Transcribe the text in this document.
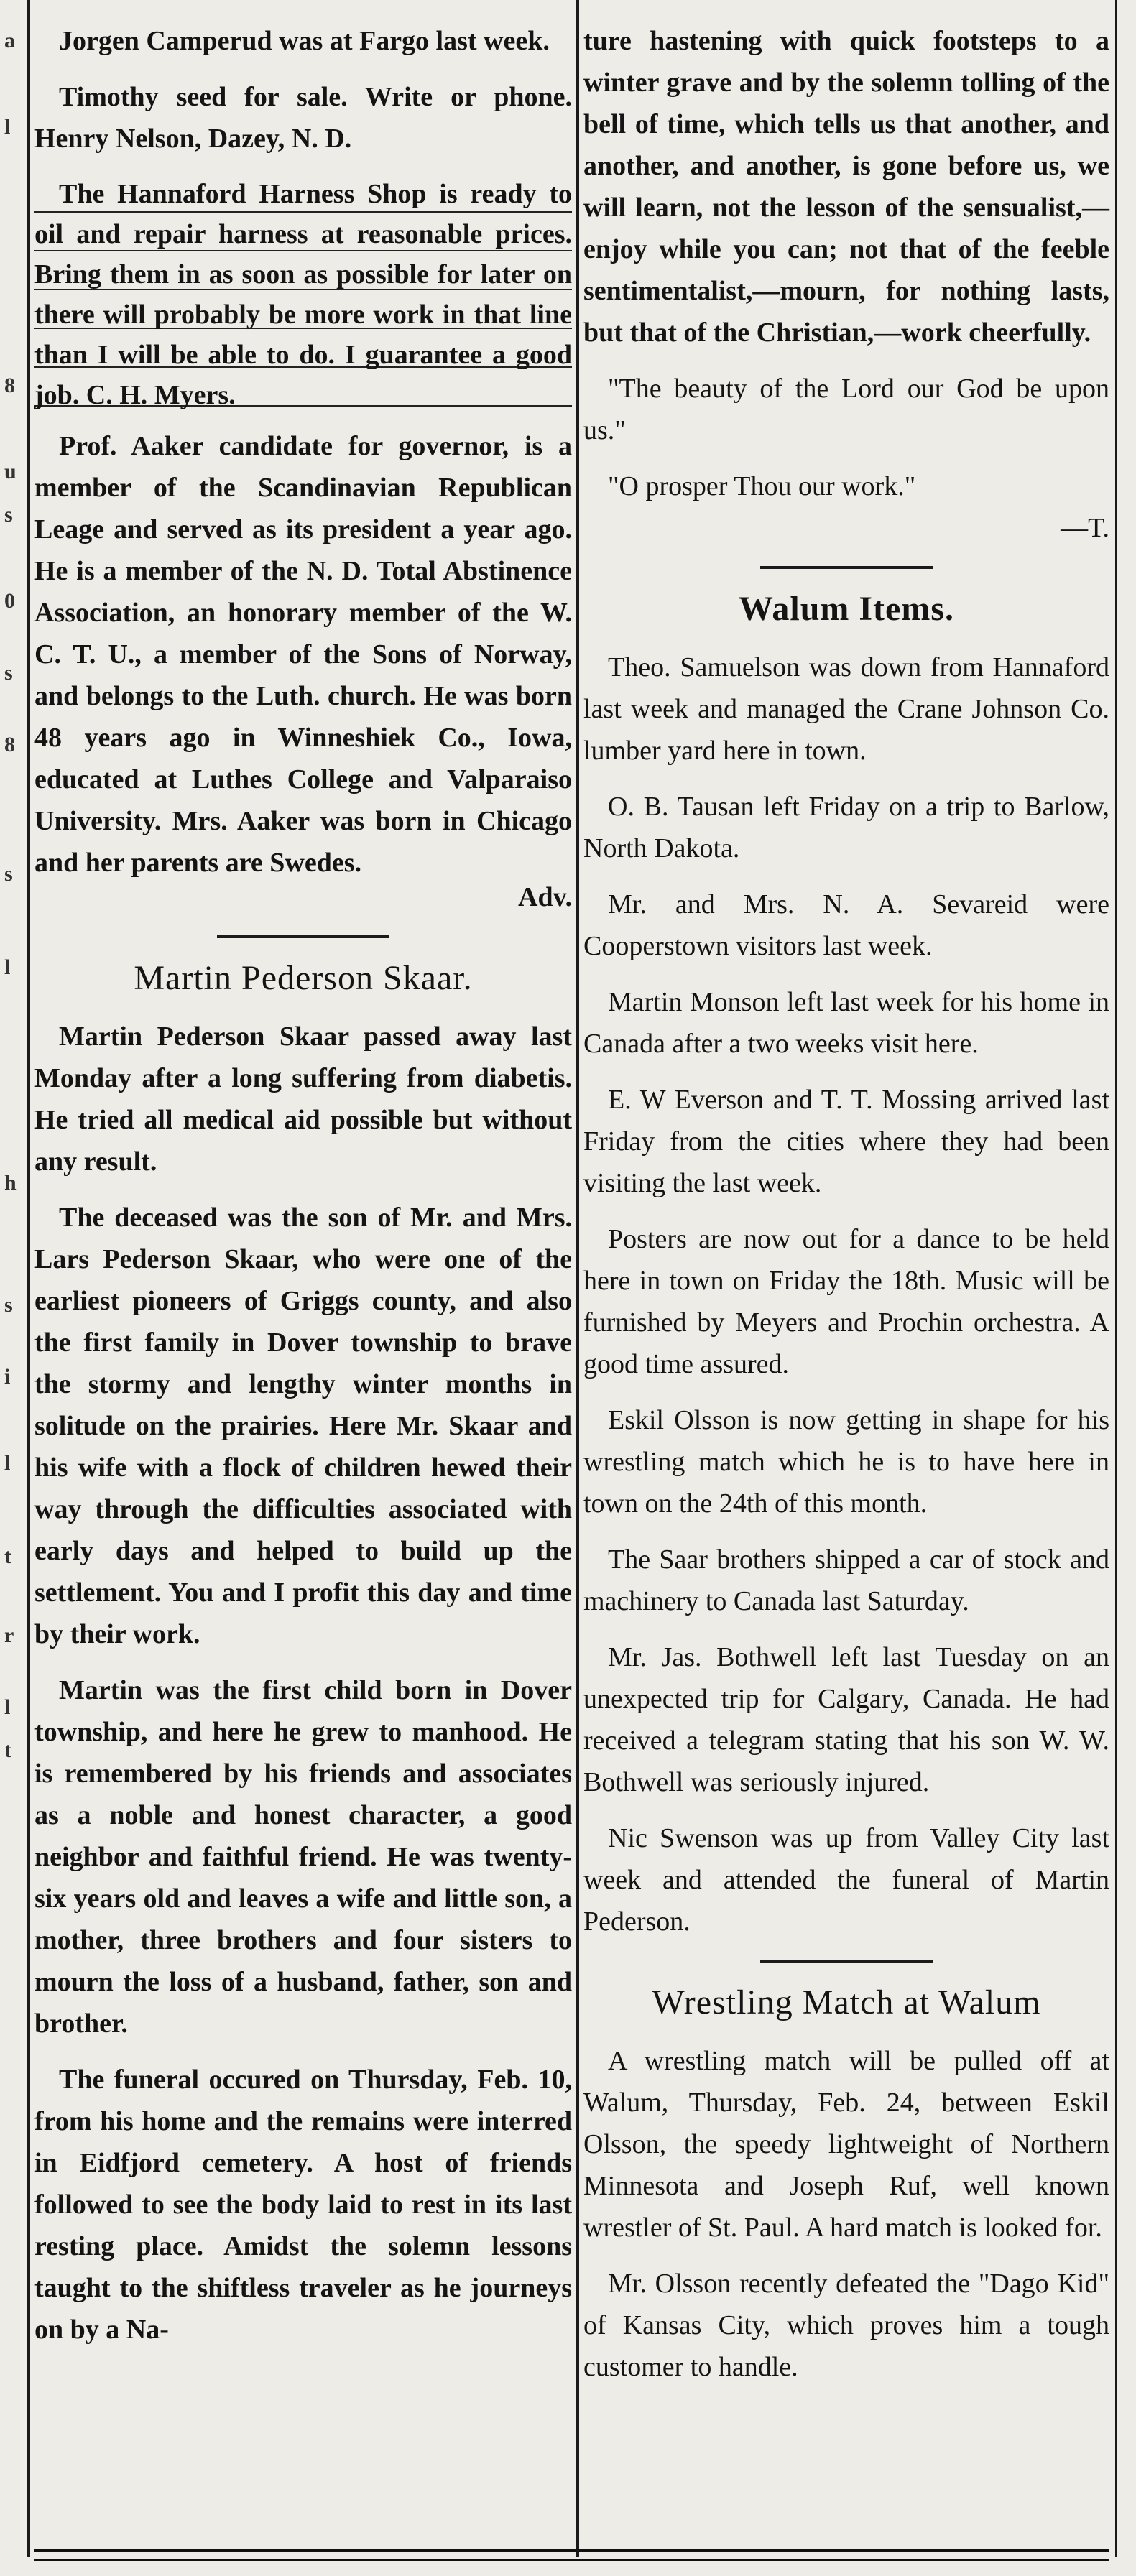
a
l
8
u
s
0
s
8
s
l
h
s
i
l
t
r
l
t

Jorgen Camperud was at Fargo last week.

Timothy seed for sale. Write or phone. Henry Nelson, Dazey, N. D.

The Hannaford Harness Shop is ready to oil and repair harness at reasonable prices. Bring them in as soon as possible for later on there will probably be more work in that line than I will be able to do. I guarantee a good job. C. H. Myers.

Prof. Aaker candidate for governor, is a member of the Scandinavian Republican Leage and served as its president a year ago. He is a member of the N. D. Total Abstinence Association, an honorary member of the W. C. T. U., a member of the Sons of Norway, and belongs to the Luth. church. He was born 48 years ago in Winneshiek Co., Iowa, educated at Luthes College and Valparaiso University. Mrs. Aaker was born in Chicago and her parents are Swedes.

Adv.

Martin Pederson Skaar.

Martin Pederson Skaar passed away last Monday after a long suffering from diabetis. He tried all medical aid possible but without any result.

The deceased was the son of Mr. and Mrs. Lars Pederson Skaar, who were one of the earliest pioneers of Griggs county, and also the first family in Dover township to brave the stormy and lengthy winter months in solitude on the prairies. Here Mr. Skaar and his wife with a flock of children hewed their way through the difficulties associated with early days and helped to build up the settlement. You and I profit this day and time by their work.

Martin was the first child born in Dover township, and here he grew to manhood. He is remembered by his friends and associates as a noble and honest character, a good neighbor and faithful friend. He was twenty-six years old and leaves a wife and little son, a mother, three brothers and four sisters to mourn the loss of a husband, father, son and brother.

The funeral occured on Thursday, Feb. 10, from his home and the remains were interred in Eidfjord cemetery. A host of friends followed to see the body laid to rest in its last resting place. Amidst the solemn lessons taught to the shiftless traveler as he journeys on by a Na-

ture hastening with quick footsteps to a winter grave and by the solemn tolling of the bell of time, which tells us that another, and another, and another, is gone before us, we will learn, not the lesson of the sensualist,—enjoy while you can; not that of the feeble sentimentalist,—mourn, for nothing lasts, but that of the Christian,—work cheerfully.

"The beauty of the Lord our God be upon us."

"O prosper Thou our work."

—T.

Walum Items.

Theo. Samuelson was down from Hannaford last week and managed the Crane Johnson Co. lumber yard here in town.

O. B. Tausan left Friday on a trip to Barlow, North Dakota.

Mr. and Mrs. N. A. Sevareid were Cooperstown visitors last week.

Martin Monson left last week for his home in Canada after a two weeks visit here.

E. W Everson and T. T. Mossing arrived last Friday from the cities where they had been visiting the last week.

Posters are now out for a dance to be held here in town on Friday the 18th. Music will be furnished by Meyers and Prochin orchestra. A good time assured.

Eskil Olsson is now getting in shape for his wrestling match which he is to have here in town on the 24th of this month.

The Saar brothers shipped a car of stock and machinery to Canada last Saturday.

Mr. Jas. Bothwell left last Tuesday on an unexpected trip for Calgary, Canada. He had received a telegram stating that his son W. W. Bothwell was seriously injured.

Nic Swenson was up from Valley City last week and attended the funeral of Martin Pederson.

Wrestling Match at Walum

A wrestling match will be pulled off at Walum, Thursday, Feb. 24, between Eskil Olsson, the speedy lightweight of Northern Minnesota and Joseph Ruf, well known wrestler of St. Paul. A hard match is looked for.

Mr. Olsson recently defeated the "Dago Kid" of Kansas City, which proves him a tough customer to handle.
